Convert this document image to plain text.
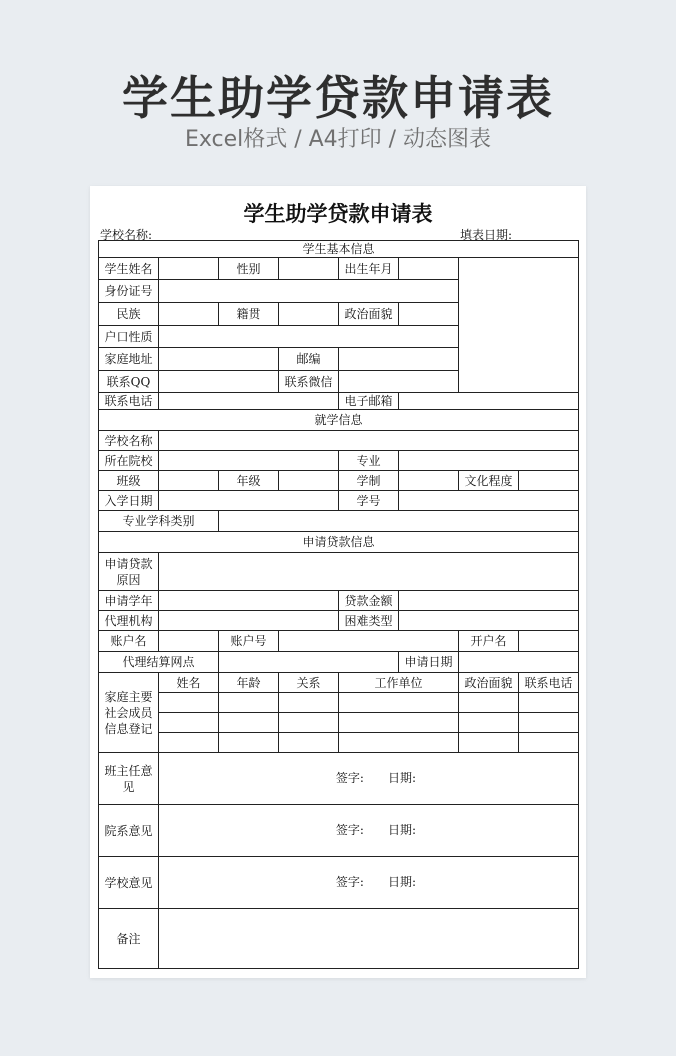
学生助学贷款申请表
Excel格式 / A4打印 / 动态图表
学生助学贷款申请表
学校名称:	填表日期:
学生基本信息							
学生姓名		性别		出生年月			
身份证号							
民族		籍贯		政治面貌			
户口性质							
家庭地址			邮编				
联系QQ			联系微信				
联系电话				电子邮箱			
就学信息							
学校名称							
所在院校				专业			
班级		年级		学制		文化程度	
入学日期				学号			
专业学科类别							
申请贷款信息							
申请贷款原因							
申请学年				贷款金额			
代理机构				困难类型			
账户名		账户号				开户名	
代理结算网点					申请日期		
家庭主要社会成员信息登记	姓名	年龄	关系	工作单位		政治面貌	联系电话

班主任意见	签字: 日期:						

院系意见	签字: 日期:						

学校意见	签字: 日期:						

备注							
